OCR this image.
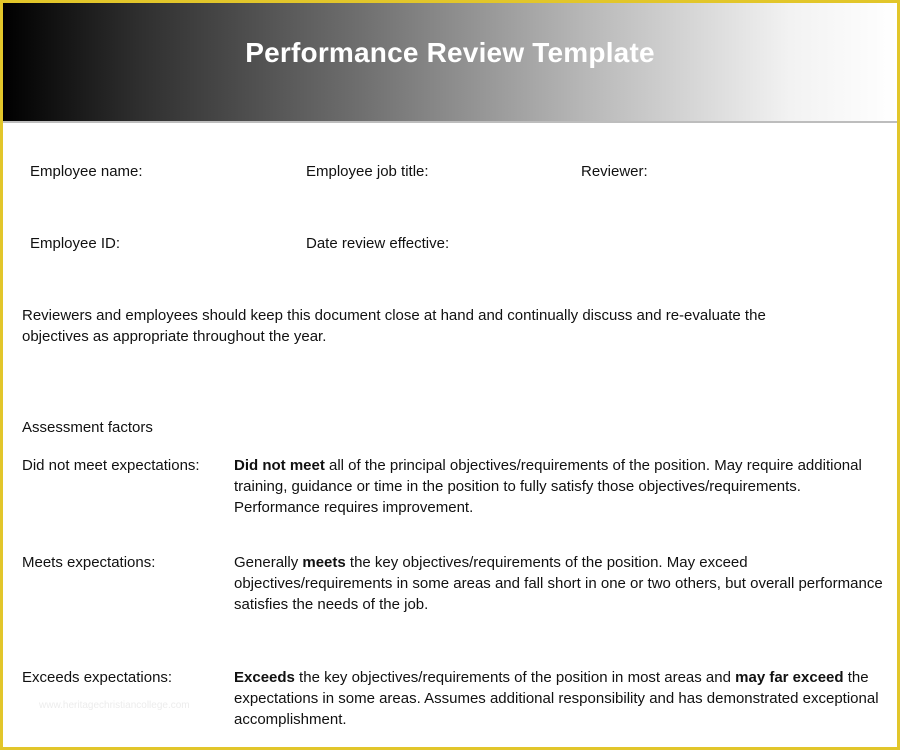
Performance Review Template
Employee name:	Employee job title:	Reviewer:
Employee ID:	Date review effective:
Reviewers and employees should keep this document close at hand and continually discuss and re-evaluate the objectives as appropriate throughout the year.
Assessment factors
Did not meet expectations: Did not meet all of the principal objectives/requirements of the position. May require additional training, guidance or time in the position to fully satisfy those objectives/requirements. Performance requires improvement.
Meets expectations:	Generally meets the key objectives/requirements of the position. May exceed objectives/requirements in some areas and fall short in one or two others, but overall performance satisfies the needs of the job.
Exceeds expectations:	Exceeds the key objectives/requirements of the position in most areas and may far exceed the expectations in some areas. Assumes additional responsibility and has demonstrated exceptional accomplishment.
www.heritagechristiancollege.com
